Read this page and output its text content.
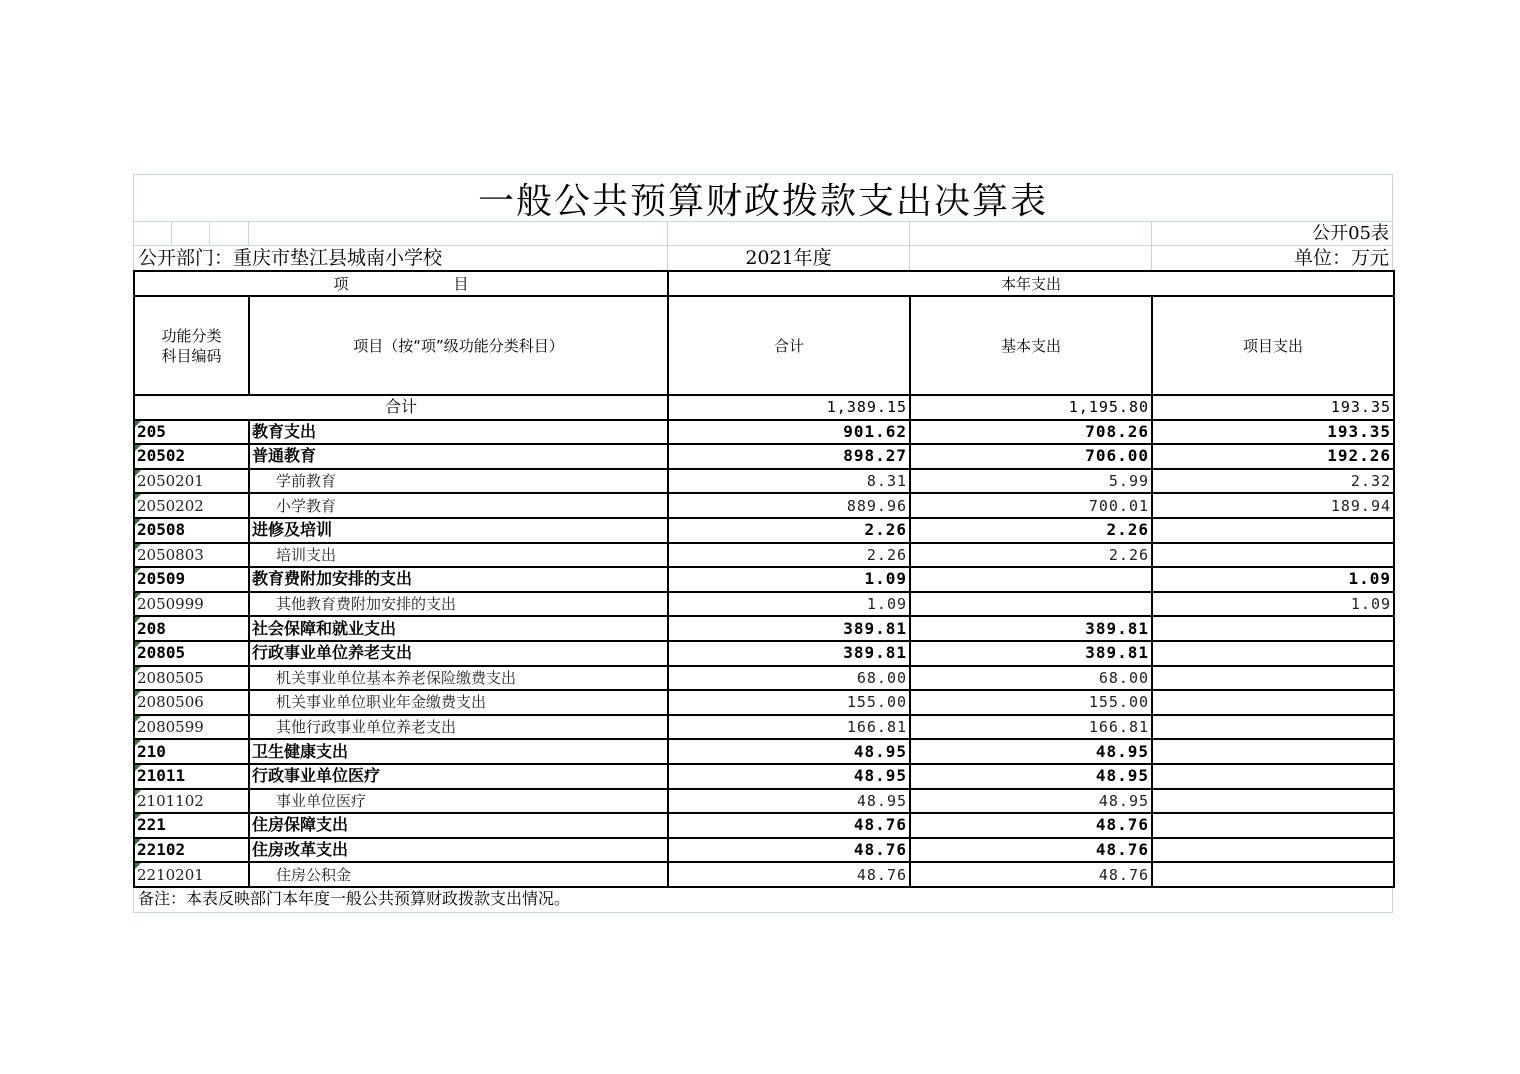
一般公共预算财政拨款支出决算表
公开05表
公开部门：重庆市垫江县城南小学校	2021年度	单位：万元
项　　　　　　　目		本年支出		
功能分类
科目编码	项目（按“项”级功能分类科目）	合计	基本支出	项目支出
合计		1,389.15	1,195.80	193.35
205	教育支出	901.62	708.26	193.35
20502	普通教育	898.27	706.00	192.26
2050201	学前教育	8.31	5.99	2.32
2050202	小学教育	889.96	700.01	189.94
20508	进修及培训	2.26	2.26	
2050803	培训支出	2.26	2.26	
20509	教育费附加安排的支出	1.09		1.09
2050999	其他教育费附加安排的支出	1.09		1.09
208	社会保障和就业支出	389.81	389.81	
20805	行政事业单位养老支出	389.81	389.81	
2080505	机关事业单位基本养老保险缴费支出	68.00	68.00	
2080506	机关事业单位职业年金缴费支出	155.00	155.00	
2080599	其他行政事业单位养老支出	166.81	166.81	
210	卫生健康支出	48.95	48.95	
21011	行政事业单位医疗	48.95	48.95	
2101102	事业单位医疗	48.95	48.95	
221	住房保障支出	48.76	48.76	
22102	住房改革支出	48.76	48.76	
2210201	住房公积金	48.76	48.76	
备注：本表反映部门本年度一般公共预算财政拨款支出情况。
